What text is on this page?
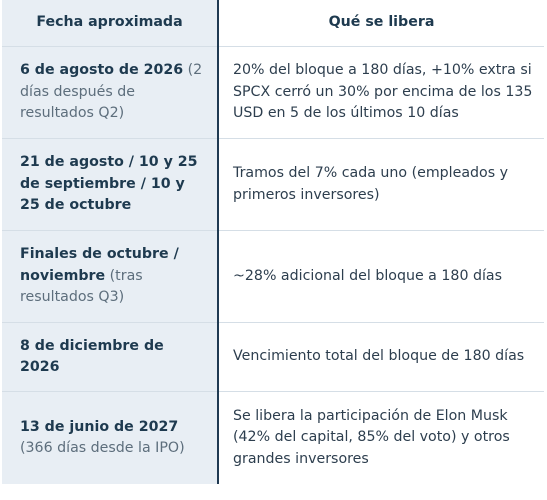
Fecha aproximada	Qué se libera
6 de agosto de 2026 (2 días después de resultados Q2)	20% del bloque a 180 días, +10% extra si SPCX cerró un 30% por encima de los 135 USD en 5 de los últimos 10 días
21 de agosto / 10 y 25 de septiembre / 10 y 25 de octubre	Tramos del 7% cada uno (empleados y primeros inversores)
Finales de octubre / noviembre (tras resultados Q3)	~28% adicional del bloque a 180 días
8 de diciembre de 2026	Vencimiento total del bloque de 180 días
13 de junio de 2027 (366 días desde la IPO)	Se libera la participación de Elon Musk (42% del capital, 85% del voto) y otros grandes inversores
